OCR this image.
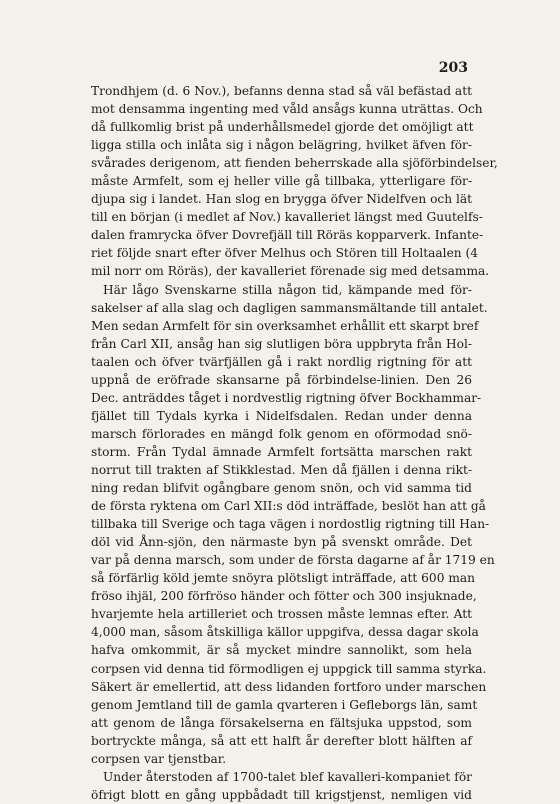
203
Trondhjem (d. 6 Nov.), befanns denna stad så väl befästad att
mot densamma ingenting med våld ansågs kunna uträttas. Och
då fullkomlig brist på underhållsmedel gjorde det omöjligt att
ligga stilla och inlåta sig i någon belägring, hvilket äfven för-
svårades derigenom, att fienden beherrskade alla sjöförbindelser,
måste Armfelt, som ej heller ville gå tillbaka, ytterligare för-
djupa sig i landet. Han slog en brygga öfver Nidelfven och lät
till en början (i medlet af Nov.) kavalleriet längst med Guutelfs-
dalen framrycka öfver Dovrefjäll till Röräs kopparverk. Infante-
riet följde snart efter öfver Melhus och Stören till Holtaalen (4
mil norr om Röräs), der kavalleriet förenade sig med detsamma.
Här lågo Svenskarne stilla någon tid, kämpande med för-
sakelser af alla slag och dagligen sammansmältande till antalet.
Men sedan Armfelt för sin overksamhet erhållit ett skarpt bref
från Carl XII, ansåg han sig slutligen böra uppbryta från Hol-
taalen och öfver tvärfjällen gå i rakt nordlig rigtning för att
uppnå de eröfrade skansarne på förbindelse-linien. Den 26
Dec. anträddes tåget i nordvestlig rigtning öfver Bockhammar-
fjället till Tydals kyrka i Nidelfsdalen. Redan under denna
marsch förlorades en mängd folk genom en oförmodad snö-
storm. Från Tydal ämnade Armfelt fortsätta marschen rakt
norrut till trakten af Stikklestad. Men då fjällen i denna rikt-
ning redan blifvit ogångbare genom snön, och vid samma tid
de första ryktena om Carl XII:s död inträffade, beslöt han att gå
tillbaka till Sverige och taga vägen i nordostlig rigtning till Han-
döl vid Ånn-sjön, den närmaste byn på svenskt område. Det
var på denna marsch, som under de första dagarne af år 1719 en
så förfärlig köld jemte snöyra plötsligt inträffade, att 600 man
fröso ihjäl, 200 förfröso händer och fötter och 300 insjuknade,
hvarjemte hela artilleriet och trossen måste lemnas efter. Att
4,000 man, såsom åtskilliga källor uppgifva, dessa dagar skola
hafva omkommit, är så mycket mindre sannolikt, som hela
corpsen vid denna tid förmodligen ej uppgick till samma styrka.
Säkert är emellertid, att dess lidanden fortforo under marschen
genom Jemtland till de gamla qvarteren i Gefleborgs län, samt
att genom de långa försakelserna en fältsjuka uppstod, som
bortryckte många, så att ett halft år derefter blott hälften af
corpsen var tjenstbar.
Under återstoden af 1700-talet blef kavalleri-kompaniet för
öfrigt blott en gång uppbådadt till krigstjenst, nemligen vid
